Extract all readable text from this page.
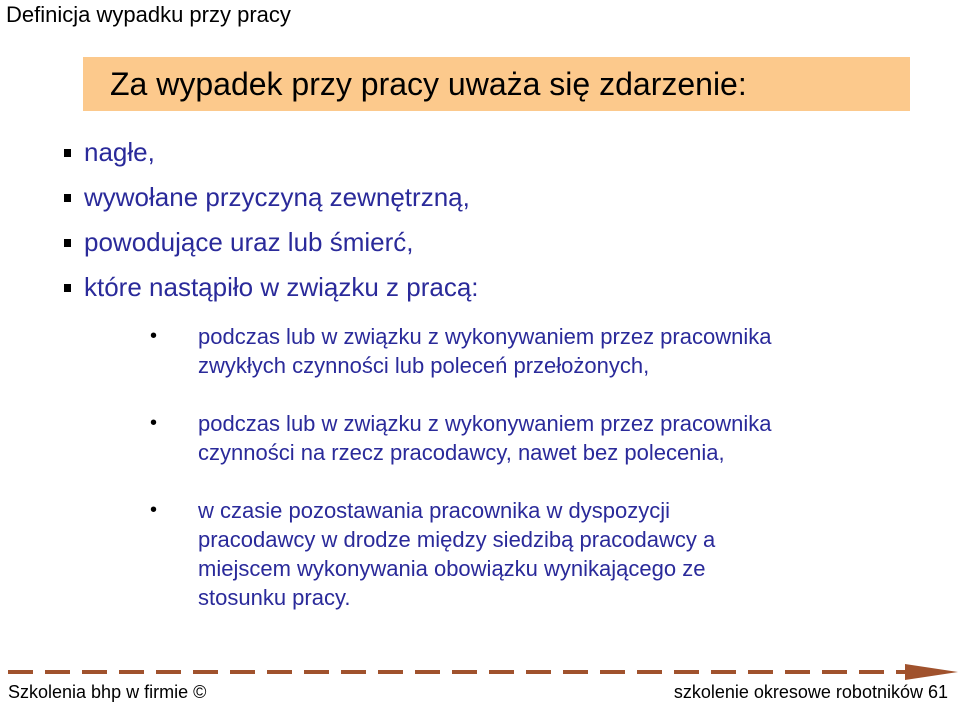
Definicja wypadku przy pracy
Za wypadek przy pracy uważa się zdarzenie:
nagłe,
wywołane przyczyną zewnętrzną,
powodujące uraz lub śmierć,
które nastąpiło w związku z pracą:
• podczas lub w związku z wykonywaniem przez pracownika
zwykłych czynności lub poleceń przełożonych,
• podczas lub w związku z wykonywaniem przez pracownika
czynności na rzecz pracodawcy, nawet bez polecenia,
• w czasie pozostawania pracownika w dyspozycji
pracodawcy w drodze między siedzibą pracodawcy a
miejscem wykonywania obowiązku wynikającego ze
stosunku pracy.
Szkolenia bhp w firmie ©	szkolenie okresowe robotników 61
